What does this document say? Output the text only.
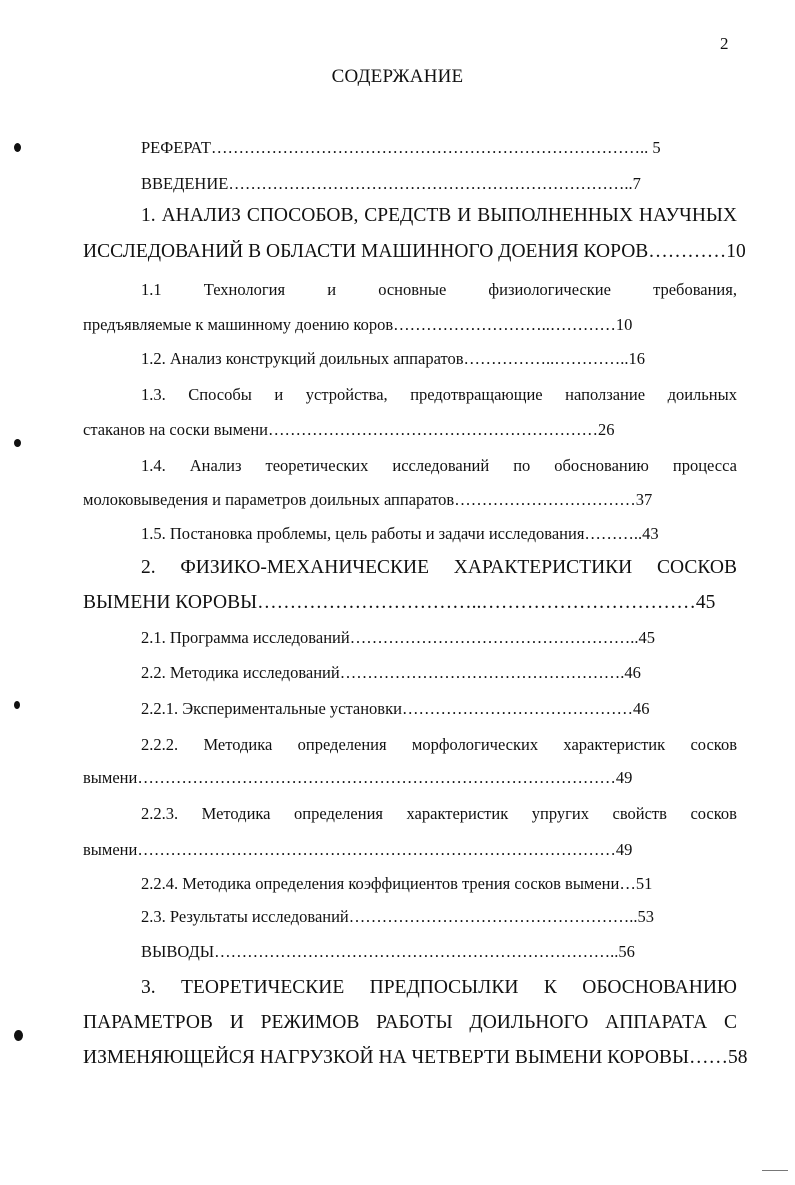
2
СОДЕРЖАНИЕ
РЕФЕРАТ…………………………………………………………………….. 5
ВВЕДЕНИЕ………………………………………………………………..7
1. АНАЛИЗ СПОСОБОВ, СРЕДСТВ И ВЫПОЛНЕННЫХ НАУЧНЫХ
ИССЛЕДОВАНИЙ В ОБЛАСТИ МАШИННОГО ДОЕНИЯ КОРОВ…………10
1.1	Технология	и	основные	физиологические	требования,
предъявляемые к машинному доению коров………………………..…………10
1.2. Анализ конструкций доильных аппаратов……………..…………..16
1.3. Способы и устройства, предотвращающие наползание доильных
стаканов на соски вымени……………………………………………………26
1.4. Анализ теоретических исследований по обоснованию процесса
молоковыведения и параметров доильных аппаратов……………………………37
1.5. Постановка проблемы, цель работы и задачи исследования………..43
2. ФИЗИКО-МЕХАНИЧЕСКИЕ ХАРАКТЕРИСТИКИ СОСКОВ
ВЫМЕНИ КОРОВЫ……………………………..……………………………45
2.1. Программа исследований……………………………………………..45
2.2. Методика исследований…………………………………………….46
2.2.1. Экспериментальные установки……………………………………46
2.2.2. Методика определения морфологических характеристик сосков
вымени……………………………………………………………………………49
2.2.3. Методика определения характеристик упругих свойств сосков
вымени……………………………………………………………………………49
2.2.4. Методика определения коэффициентов трения сосков вымени…51
2.3. Результаты исследований……………………………………………..53
ВЫВОДЫ………………………………………………………………..56
3. ТЕОРЕТИЧЕСКИЕ ПРЕДПОСЫЛКИ К ОБОСНОВАНИЮ
ПАРАМЕТРОВ И РЕЖИМОВ РАБОТЫ ДОИЛЬНОГО АППАРАТА С
ИЗМЕНЯЮЩЕЙСЯ НАГРУЗКОЙ НА ЧЕТВЕРТИ ВЫМЕНИ КОРОВЫ……58
